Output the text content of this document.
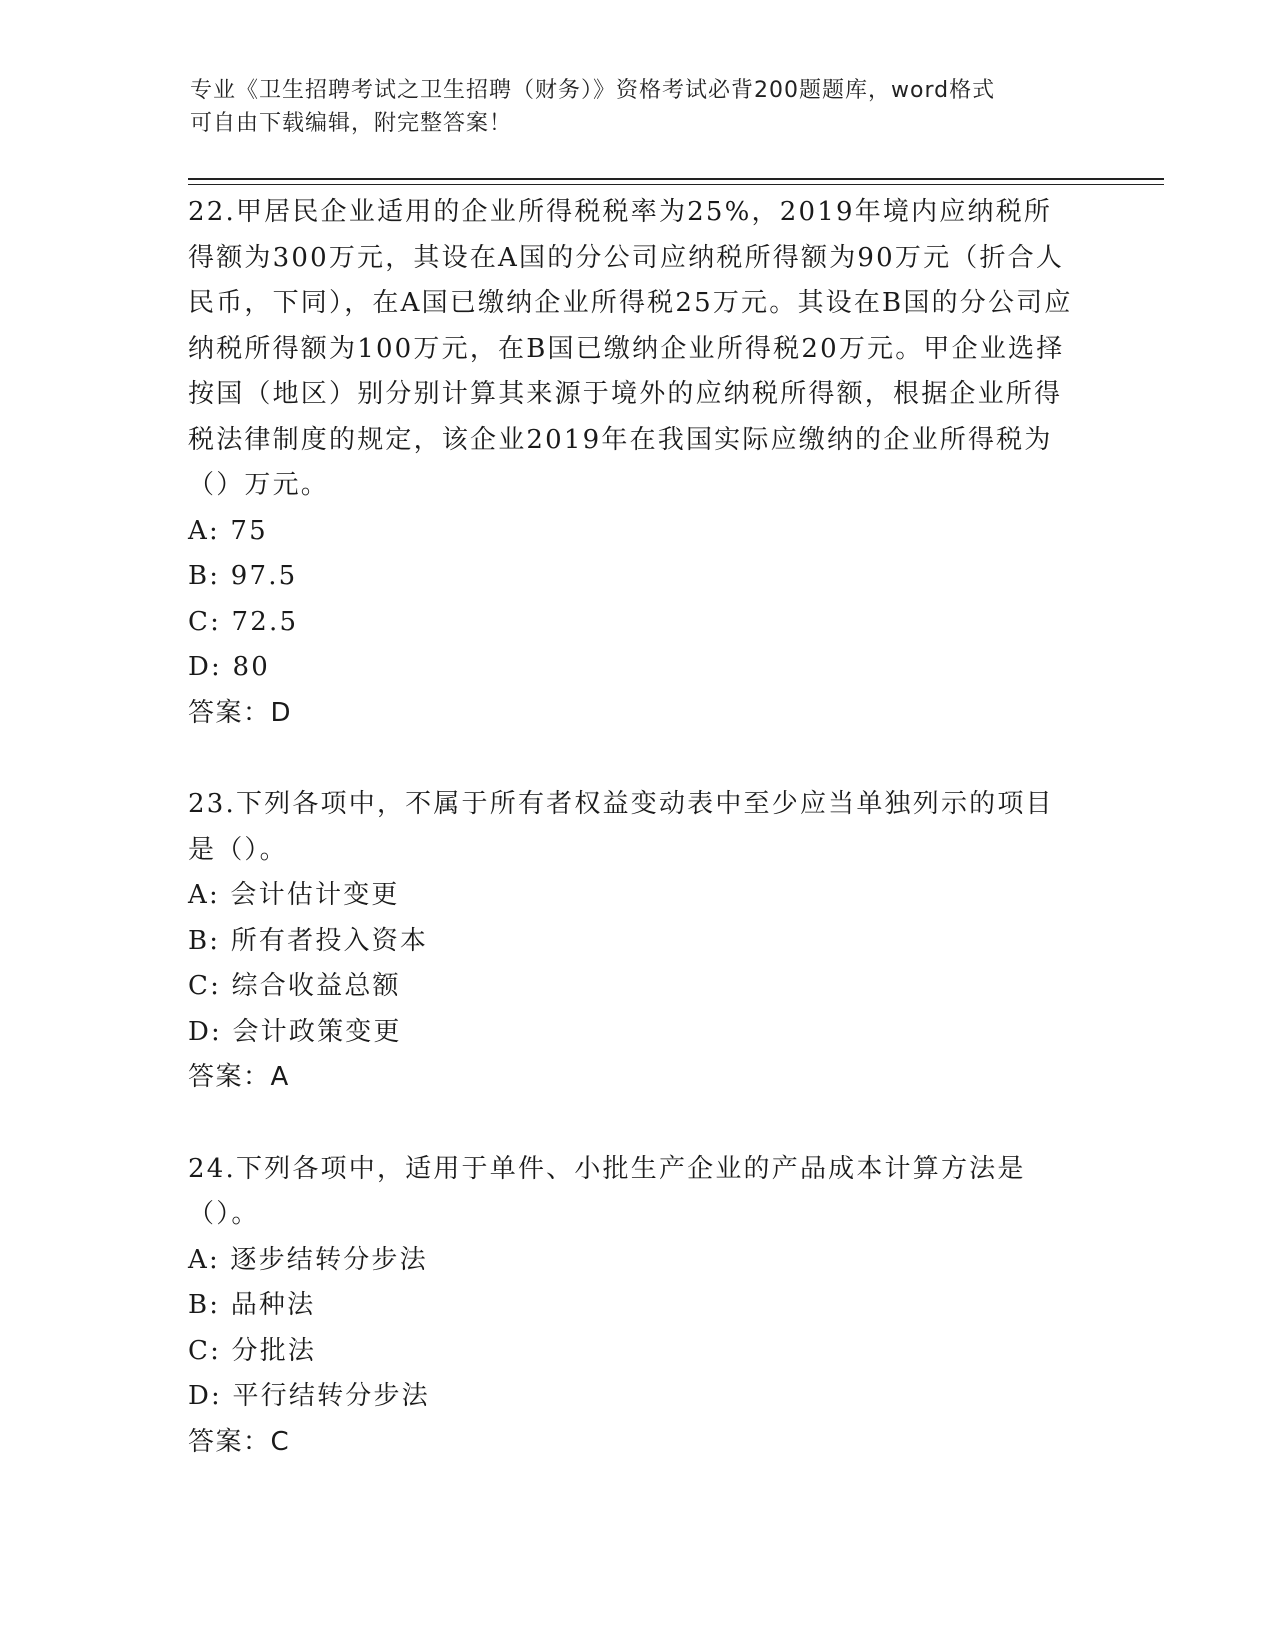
专业《卫生招聘考试之卫生招聘（财务）》资格考试必背200题题库，word格式
可自由下载编辑，附完整答案！

22.甲居民企业适用的企业所得税税率为25%，2019年境内应纳税所得额为300万元，其设在A国的分公司应纳税所得额为90万元（折合人民币，下同），在A国已缴纳企业所得税25万元。其设在B国的分公司应纳税所得额为100万元，在B国已缴纳企业所得税20万元。甲企业选择按国（地区）别分别计算其来源于境外的应纳税所得额，根据企业所得税法律制度的规定，该企业2019年在我国实际应缴纳的企业所得税为（）万元。

A: 75

B: 97.5

C: 72.5

D: 80

答案：D

23.下列各项中，不属于所有者权益变动表中至少应当单独列示的项目是（）。

A: 会计估计变更

B: 所有者投入资本

C: 综合收益总额

D: 会计政策变更

答案：A

24.下列各项中，适用于单件、小批生产企业的产品成本计算方法是（）。

A: 逐步结转分步法

B: 品种法

C: 分批法

D: 平行结转分步法

答案：C
